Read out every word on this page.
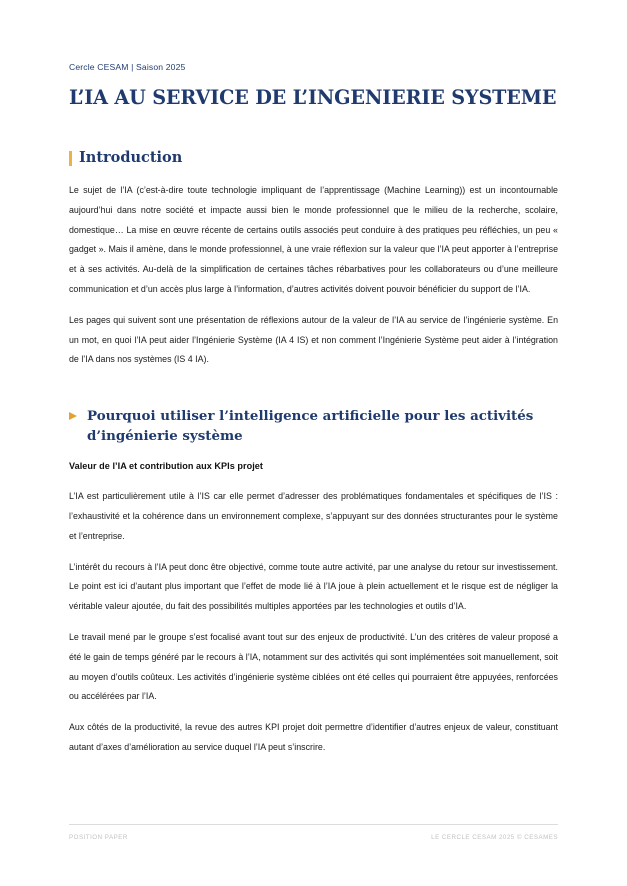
Cercle CESAM | Saison 2025
L’IA AU SERVICE DE L’INGENIERIE SYSTEME
Introduction

Le sujet de l’IA (c’est-à-dire toute technologie impliquant de l’apprentissage (Machine Learning)) est un incontournable aujourd’hui dans notre société et impacte aussi bien le monde professionnel que le milieu de la recherche, scolaire, domestique… La mise en œuvre récente de certains outils associés peut conduire à des pratiques peu réfléchies, un peu « gadget ». Mais il amène, dans le monde professionnel, à une vraie réflexion sur la valeur que l’IA peut apporter à l’entreprise et à ses activités. Au-delà de la simplification de certaines tâches rébarbatives pour les collaborateurs ou d’une meilleure communication et d’un accès plus large à l’information, d’autres activités doivent pouvoir bénéficier du support de l’IA.

Les pages qui suivent sont une présentation de réflexions autour de la valeur de l’IA au service de l’ingénierie système. En un mot, en quoi l’IA peut aider l’Ingénierie Système (IA 4 IS) et non comment l’Ingénierie Système peut aider à l’intégration de l’IA dans nos systèmes (IS 4 IA).

Pourquoi utiliser l’intelligence artificielle pour les activités d’ingénierie système
Valeur de l’IA et contribution aux KPIs projet

L’IA est particulièrement utile à l’IS car elle permet d’adresser des problématiques fondamentales et spécifiques de l’IS : l’exhaustivité et la cohérence dans un environnement complexe, s’appuyant sur des données structurantes pour le système et l’entreprise.

L’intérêt du recours à l’IA peut donc être objectivé, comme toute autre activité, par une analyse du retour sur investissement. Le point est ici d’autant plus important que l’effet de mode lié à l’IA joue à plein actuellement et le risque est de négliger la véritable valeur ajoutée, du fait des possibilités multiples apportées par les technologies et outils d’IA.

Le travail mené par le groupe s’est focalisé avant tout sur des enjeux de productivité. L’un des critères de valeur proposé a été le gain de temps généré par le recours à l’IA, notamment sur des activités qui sont implémentées soit manuellement, soit au moyen d’outils coûteux. Les activités d’ingénierie système ciblées ont été celles qui pourraient être appuyées, renforcées ou accélérées par l’IA.

Aux côtés de la productivité, la revue des autres KPI projet doit permettre d’identifier d’autres enjeux de valeur, constituant autant d’axes d’amélioration au service duquel l’IA peut s’inscrire.

POSITION PAPER	LE CERCLE CESAM 2025 © CESAMES
